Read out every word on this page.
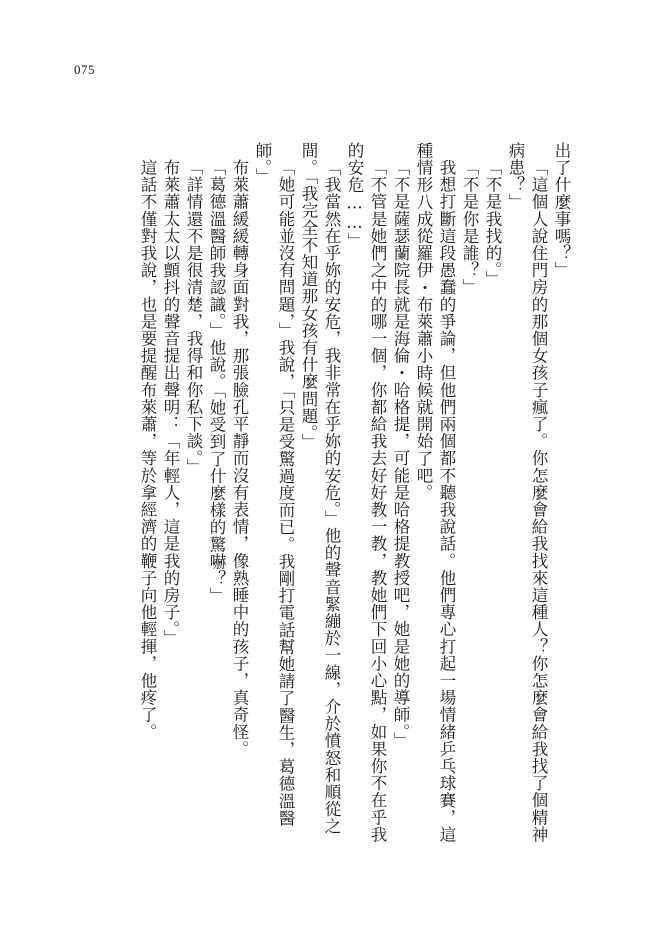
075
出了什麼事嗎？」
「這個人說住門房的那個女孩子瘋了。你怎麼會給我找來這種人？你怎麼會給我找了個精神
病患？」
「不是我找的。」
「不是你是誰？」
我想打斷這段愚蠢的爭論，但他們兩個都不聽我說話。他們專心打起一場情緒乒乓球賽，這
種情形八成從羅伊・布萊蕭小時候就開始了吧。
「不是薩瑟蘭院長就是海倫・哈格提，可能是哈格提教授吧，她是她的導師。」
「不管是她們之中的哪一個，你都給我去好好教一教，教她們下回小心點，如果你不在乎我
的安危……」
「我當然在乎妳的安危，我非常在乎妳的安危。」他的聲音緊繃於一線，介於憤怒和順從之
間。「我完全不知道那女孩有什麼問題。」
「她可能並沒有問題，」我說，「只是受驚過度而已。我剛打電話幫她請了醫生，葛德溫醫
師。」
布萊蕭緩緩轉身面對我，那張臉孔平靜而沒有表情，像熟睡中的孩子，真奇怪。
「葛德溫醫師我認識。」他說。「她受到了什麼樣的驚嚇？」
「詳情還不是很清楚，我得和你私下談。」
布萊蕭太太以顫抖的聲音提出聲明：「年輕人，這是我的房子。」
這話不僅對我說，也是要提醒布萊蕭，等於拿經濟的鞭子向他輕揮，他疼了。
